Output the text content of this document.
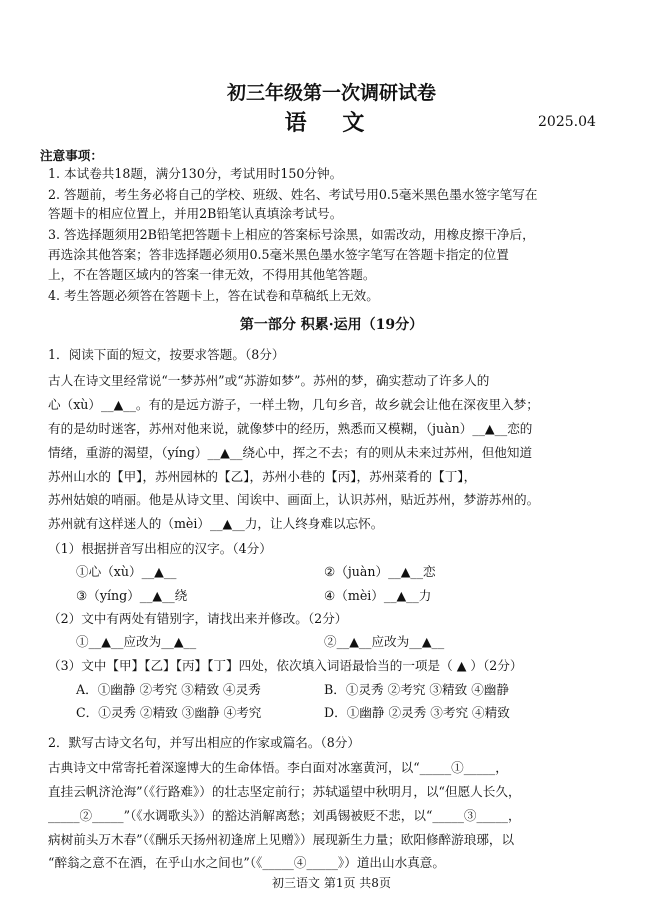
初三年级第一次调研试卷
语 文	2025.04
注意事项：
1. 本试卷共18题，满分130分，考试用时150分钟。
2. 答题前，考生务必将自己的学校、班级、姓名、考试号用0.5毫米黑色墨水签字笔写在
答题卡的相应位置上，并用2B铅笔认真填涂考试号。
3. 答选择题须用2B铅笔把答题卡上相应的答案标号涂黑，如需改动，用橡皮擦干净后，
再选涂其他答案；答非选择题必须用0.5毫米黑色墨水签字笔写在答题卡指定的位置
上，不在答题区域内的答案一律无效，不得用其他笔答题。
4. 考生答题必须答在答题卡上，答在试卷和草稿纸上无效。
第一部分 积累·运用（19分）
1．阅读下面的短文，按要求答题。（8分）
古人在诗文里经常说“一梦苏州”或“苏游如梦”。苏州的梦，确实惹动了许多人的
心（xù）__▲__。有的是远方游子，一样土物，几句乡音，故乡就会让他在深夜里入梦；
有的是幼时迷客，苏州对他来说，就像梦中的经历，熟悉而又模糊，（juàn）__▲__恋的
情绪，重游的渴望，（yíng）__▲__绕心中，挥之不去；有的则从未来过苏州，但他知道
苏州山水的【甲】，苏州园林的【乙】，苏州小巷的【丙】，苏州菜肴的【丁】，
苏州姑娘的哨丽。他是从诗文里、闰诶中、画面上，认识苏州，贴近苏州，梦游苏州的。
苏州就有这样迷人的（mèi）__▲__力，让人终身难以忘怀。
（1）根据拼音写出相应的汉字。（4分）
①心（xù）__▲__	②（juàn）__▲__恋
③（yíng）__▲__绕	④（mèi）__▲__力
（2）文中有两处有错别字，请找出来并修改。（2分）
①__▲__应改为__▲__	②__▲__应改为__▲__
（3）文中【甲】【乙】【丙】【丁】四处，依次填入词语最恰当的一项是（ ▲ ）（2分）
A．①幽静 ②考究 ③精致 ④灵秀	B．①灵秀 ②考究 ③精致 ④幽静
C．①灵秀 ②精致 ③幽静 ④考究	D．①幽静 ②灵秀 ③考究 ④精致
2．默写古诗文名句，并写出相应的作家或篇名。（8分）
古典诗文中常寄托着深邃博大的生命体悟。李白面对冰塞黄河，以“_____①_____，
直挂云帆济沧海”（《行路难》）的壮志坚定前行；苏轼遥望中秋明月，以“但愿人长久，
_____②_____”（《水调歌头》）的豁达消解离愁；刘禹锡被贬不悲，以“_____③_____，
病树前头万木春”（《酬乐天扬州初逢席上见赠》）展现新生力量；欧阳修醉游琅琊，以
“醉翁之意不在酒，在乎山水之间也”（《_____④_____》）道出山水真意。
初三语文 第1页 共8页
